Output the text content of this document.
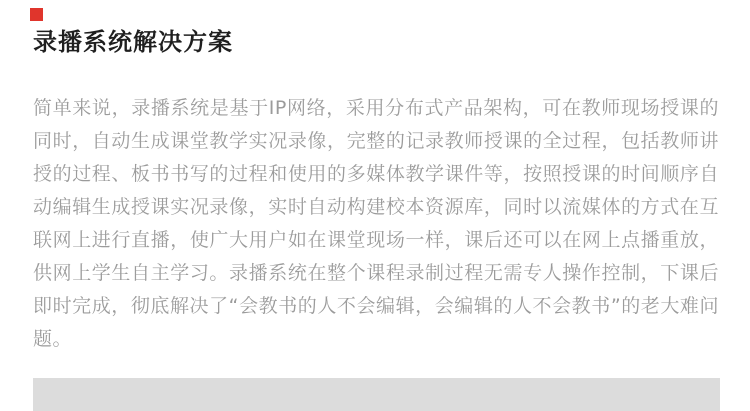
录播系统解决方案

简单来说，录播系统是基于IP网络，采用分布式产品架构，可在教师现场授课的同时，自动生成课堂教学实况录像，完整的记录教师授课的全过程，包括教师讲授的过程、板书书写的过程和使用的多媒体教学课件等，按照授课的时间顺序自动编辑生成授课实况录像，实时自动构建校本资源库，同时以流媒体的方式在互联网上进行直播，使广大用户如在课堂现场一样，课后还可以在网上点播重放，供网上学生自主学习。录播系统在整个课程录制过程无需专人操作控制，下课后即时完成，彻底解决了“会教书的人不会编辑，会编辑的人不会教书”的老大难问题。
